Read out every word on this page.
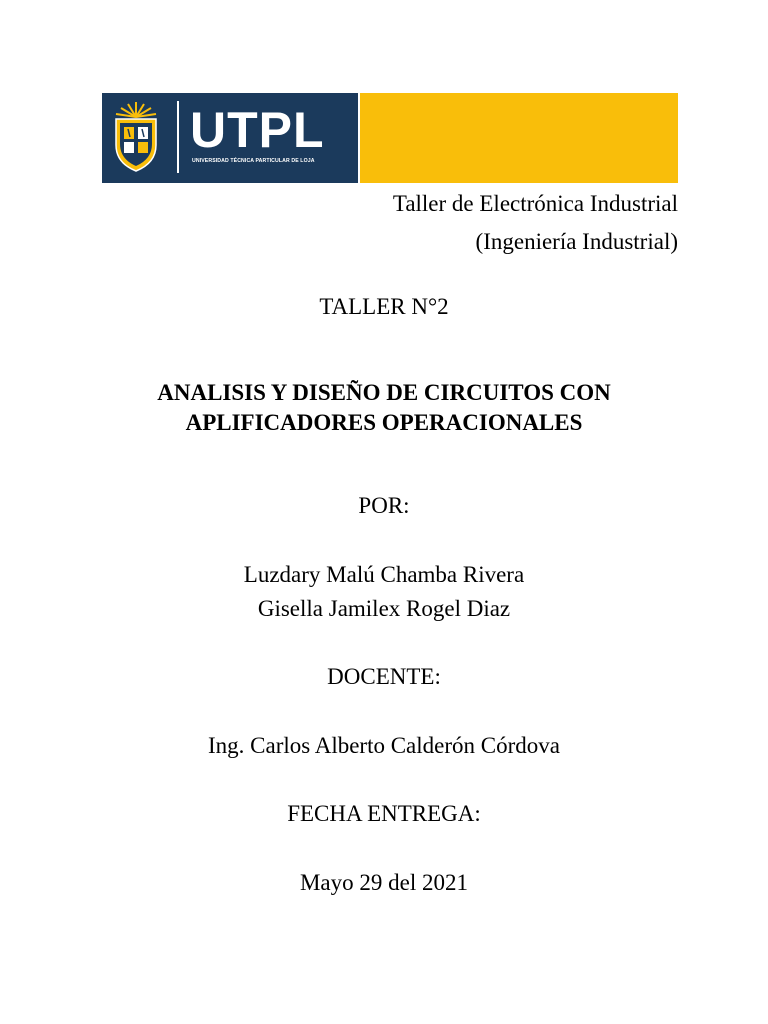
UTPL
UNIVERSIDAD TÉCNICA PARTICULAR DE LOJA
Taller de Electrónica Industrial
(Ingeniería Industrial)
TALLER N°2
ANALISIS Y DISEÑO DE CIRCUITOS CON
APLIFICADORES OPERACIONALES
POR:
Luzdary Malú Chamba Rivera
Gisella Jamilex Rogel Diaz
DOCENTE:
Ing. Carlos Alberto Calderón Córdova
FECHA ENTREGA:
Mayo 29 del 2021
